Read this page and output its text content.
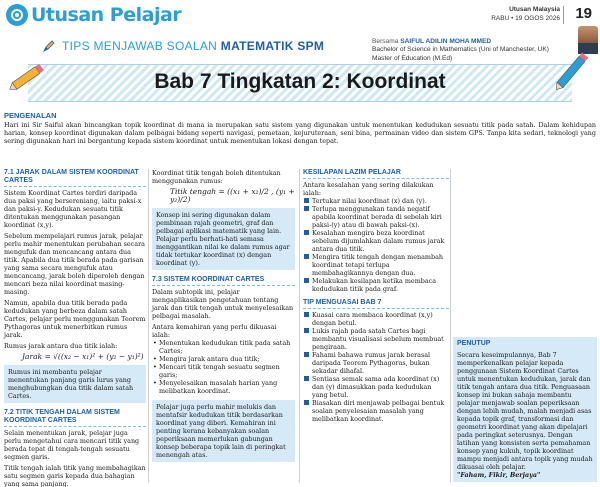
Utusan Pelajar	Utusan Malaysia
RABU • 19 OGOS 2026 19
TIPS MENJAWAB SOALAN MATEMATIK SPM	Bersama SAIFUL ADILIN MOHA MMED
Bachelor of Science in Mathematics (Uni of Manchester, UK)
Master of Education (M.Ed)
Bab 7 Tingkatan 2: Koordinat
PENGENALAN
Hari ini Sir Saiful akan bincangkan topik koordinat di mana ia merupakan satu sistem yang digunakan untuk menentukan kedudukan sesuatu titik pada satah. Dalam kehidupan harian, konsep koordinat digunakan dalam pelbagai bidang seperti navigasi, pemetaan, kejuruteraan, seni bina, permainan video dan sistem GPS. Tanpa kita sedari, teknologi yang sering digunakan hari ini bergantung kepada sistem koordinat untuk menentukan lokasi dengan tepat.
7.1 JARAK DALAM SISTEM KOORDINAT CARTES
Sistem Koordinat Cartes terdiri daripada dua paksi yang bersereniang, iaitu paksi-x dan paksi-y. Kedudukan sesuatu titik ditentukan menggunakan pasangan koordinat (x,y).
Sebelum mempelajari rumus jarak, pelajar perlu mahir menentukan perubahan secara mengufuk dan mencancang antara dua titik. Apabila dua titik berada pada garisan yang sama secara mengufuk atau mencancang, jarak boleh diperoleh dengan mencari beza nilai koordinat masing-masing.
Namun, apabila dua titik berada pada kedudukan yang berbeza dalam satah Cartes, pelajar perlu menggunakan Teorem Pythagoras untuk menerbitkan rumus jarak.
Rumus jarak antara dua titik ialah:
Jarak = √((x₂ − x₁)² + (y₂ − y₁)²)
Rumus ini membantu pelajar menentukan panjang garis lurus yang menghubungkan dua titik dalam satah Cartes.
7.2 TITIK TENGAH DALAM SISTEM KOORDINAT CARTES
Selain menentukan jarak, pelajar juga perlu mengetahui cara mencari titik yang berada tepat di tengah-tengah sesuatu segmen garis.
Titik tengah ialah titik yang membahagikan satu segmen garis kepada dua bahagian yang sama panjang.
Koordinat titik tengah boleh ditentukan menggunakan rumus:
Titik tengah = ((x₁ + x₂)/2 , (y₁ + y₂)/2)
Konsep ini sering digunakan dalam pembinaan rajah geometri, graf dan pelbagai aplikasi matematik yang lain. Pelajar perlu berhati-hati semasa menggantikan nilai ke dalam rumus agar tidak tertukar koordinat (x) dengan koordinat (y).
7.3 SISTEM KOORDINAT CARTES
Dalam subtopik ini, pelajar mengaplikasikan pengetahuan tentang jarak dan titik tengah untuk menyelesaikan pelbagai masalah.
Antara kemahiran yang perlu dikuasai ialah:
• Menentukan kedudukan titik pada satah Cartes;
• Mengira jarak antara dua titik;
• Mencari titik tengah sesuatu segmen garis;
• Menyelesaikan masalah harian yang melibatkan koordinat.
Pelajar juga perlu mahir melukis dan mentafsir kedudukan titik berdasarkan koordinat yang diberi. Kemahiran ini penting kerana kebanyakan soalan peperiksaan memerlukan gabungan konsep beberapa topik lain di peringkat menengah atas.
KESILAPAN LAZIM PELAJAR
Antara kesalahan yang sering dilakukan ialah:
Tertukar nilai koordinat (x) dan (y).
Terlupa menggunakan tanda negatif apabila koordinat berada di sebelah kiri paksi-(y) atau di bawah paksi-(x).
Kesalahan mengira beza koordinat sebelum dijumlahkan dalam rumus jarak antara dua titik.
Mengira titik tengah dengan menambah koordinat tetapi terlupa membahagikannya dengan dua.
Melakukan kesilapan ketika membaca kedudukan titik pada graf.
TIP MENGUASAI BAB 7
Kuasai cara membaca koordinat (x,y) dengan betul.
Lukis rajah pada satah Cartes bagi membantu visualisasi sebelum membuat pengiraan.
Fahami bahawa rumus jarak berasal daripada Teorem Pythagoras, bukan sekadar dihafal.
Sentiasa semak sama ada koordinat (x) dan (y) dimasukkan pada kedudukan yang betul.
Biasakan diri menjawab pelbagai bentuk soalan penyelesaian masalah yang melibatkan koordinat.
PENUTUP
Secara keseimpulannya, Bab 7 memperkenalkan pelajar kepada penggunaan Sistem Koordinat Cartes untuk menentukan kedudukan, jarak dan titik tengah antara dua titik. Penguasaan konsep ini bukan sahaja membantu pelajar menjawab soalan peperiksaan dengan lebih mudah, malah menjadi asas kepada topik graf, transformasi dan geometri koordinat yang akan dipelajari pada peringkat seterusnya. Dengan latihan yang konsisten serta pemahaman konsep yang kukuh, topik koordinat mampu menjadi antara topik yang mudah dikuasai oleh pelajar.
"Faham, Fikir, Berjaya"
